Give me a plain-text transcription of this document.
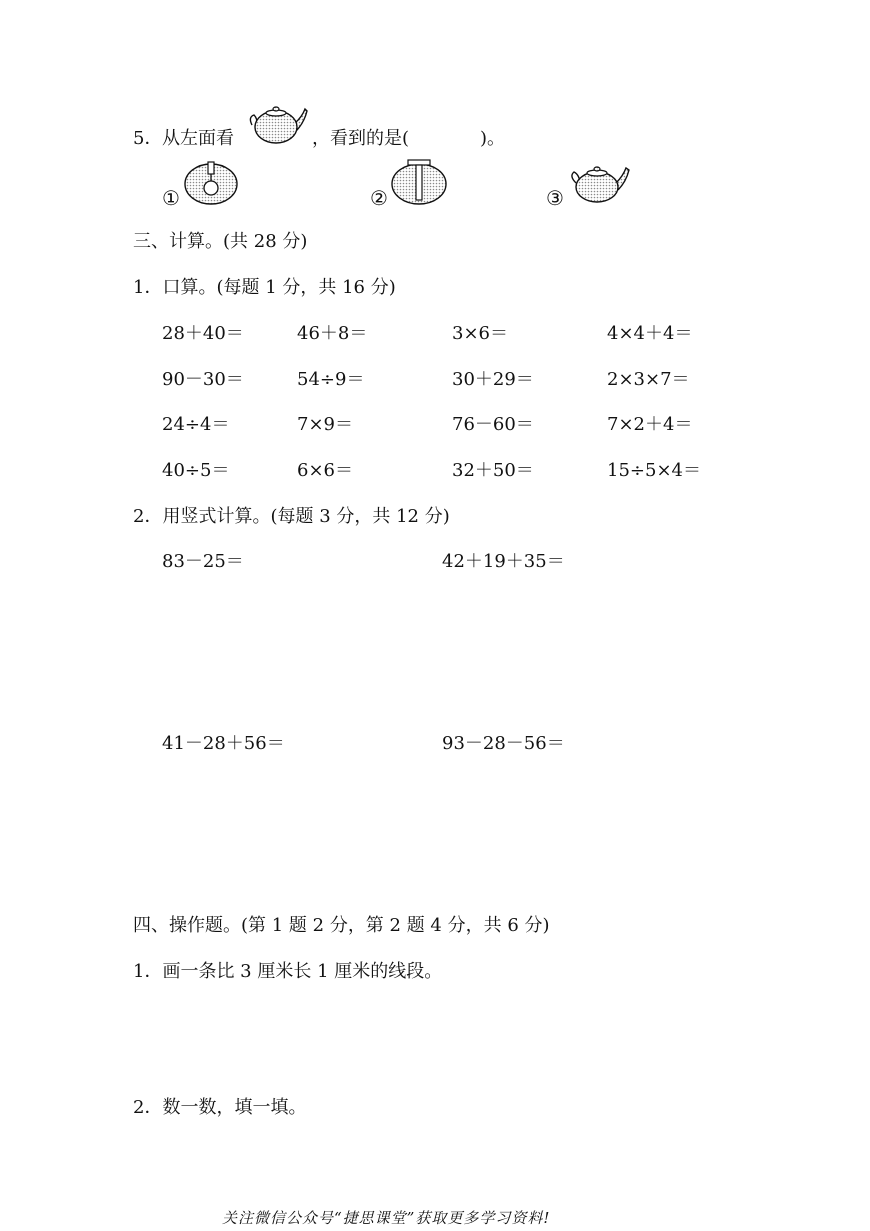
5． 从左面看	，看到的是(	)。
①	②	③
三、计算。(共 28 分)
1．口算。(每题 1 分，共 16 分)
28＋40＝	46＋8＝	3×6＝	4×4＋4＝
90－30＝	54÷9＝	30＋29＝	2×3×7＝
24÷4＝	7×9＝	76－60＝	7×2＋4＝
40÷5＝	6×6＝	32＋50＝	15÷5×4＝
2．用竖式计算。(每题 3 分，共 12 分)
83－25＝	42＋19＋35＝
41－28＋56＝	93－28－56＝
四、操作题。(第 1 题 2 分，第 2 题 4 分，共 6 分)
1．画一条比 3 厘米长 1 厘米的线段。
2．数一数，填一填。
关注微信公众号“捷思课堂”获取更多学习资料!
